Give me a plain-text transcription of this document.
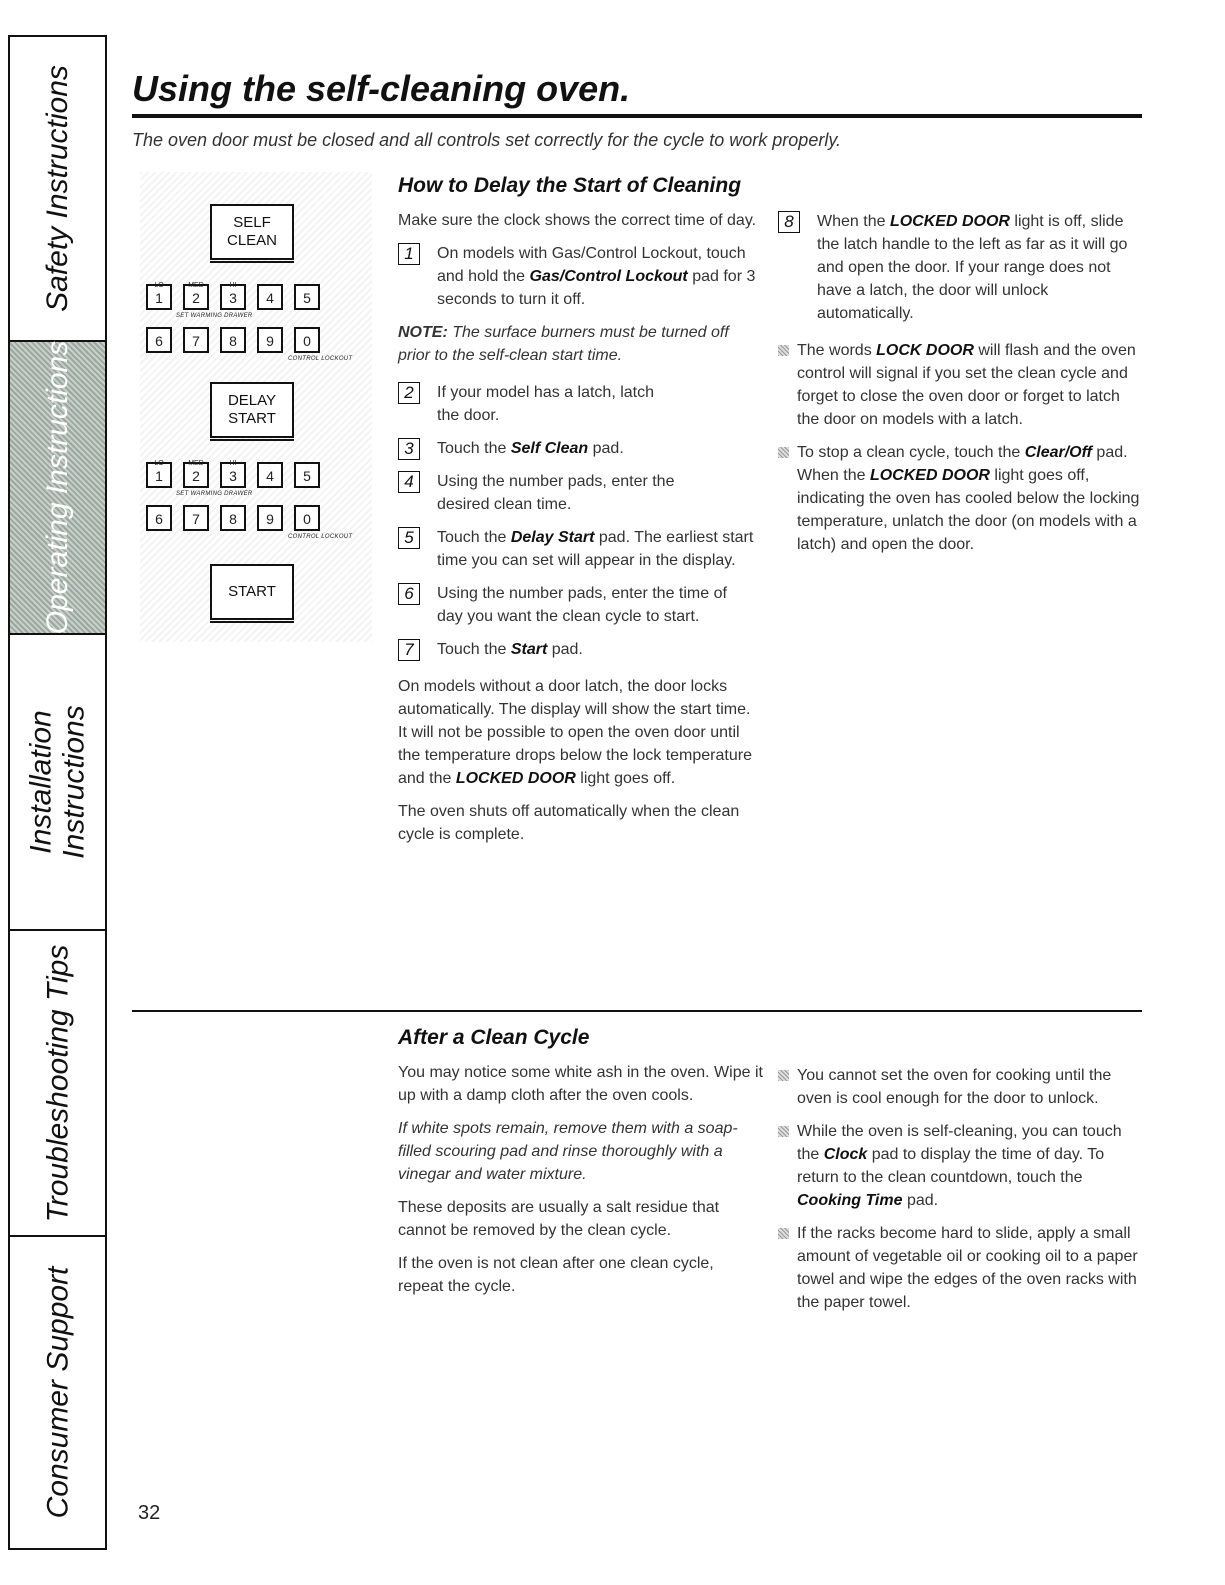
Safety Instructions
Operating Instructions
Installation Instructions
Troubleshooting Tips
Consumer Support
Using the self-cleaning oven.
The oven door must be closed and all controls set correctly for the cycle to work properly.
SELF
CLEAN
LO
1
MED
2
HI
3 4 5
SET WARMING DRAWER
6 7 8 9 0
CONTROL LOCKOUT
DELAY
START
LO
1
MED
2
HI
3 4 5
SET WARMING DRAWER
6 7 8 9 0
CONTROL LOCKOUT
START
How to Delay the Start of Cleaning

Make sure the clock shows the correct time of day.

1	On models with Gas/Control Lockout, touch and hold the Gas/Control Lockout pad for 3 seconds to turn it off.

NOTE: The surface burners must be turned off prior to the self-clean start time.

2	If your model has a latch, latch the door.
3	Touch the Self Clean pad.
4	Using the number pads, enter the desired clean time.
5	Touch the Delay Start pad. The earliest start time you can set will appear in the display.
6	Using the number pads, enter the time of day you want the clean cycle to start.
7	Touch the Start pad.

On models without a door latch, the door locks automatically. The display will show the start time. It will not be possible to open the oven door until the temperature drops below the lock temperature and the LOCKED DOOR light goes off.

The oven shuts off automatically when the clean cycle is complete.

8	When the LOCKED DOOR light is off, slide the latch handle to the left as far as it will go and open the door. If your range does not have a latch, the door will unlock automatically.
The words LOCK DOOR will flash and the oven control will signal if you set the clean cycle and forget to close the oven door or forget to latch the door on models with a latch.
To stop a clean cycle, touch the Clear/Off pad. When the LOCKED DOOR light goes off, indicating the oven has cooled below the locking temperature, unlatch the door (on models with a latch) and open the door.
After a Clean Cycle

You may notice some white ash in the oven. Wipe it up with a damp cloth after the oven cools.

If white spots remain, remove them with a soap-filled scouring pad and rinse thoroughly with a vinegar and water mixture.

These deposits are usually a salt residue that cannot be removed by the clean cycle.

If the oven is not clean after one clean cycle, repeat the cycle.

You cannot set the oven for cooking until the oven is cool enough for the door to unlock.
While the oven is self-cleaning, you can touch the Clock pad to display the time of day. To return to the clean countdown, touch the Cooking Time pad.
If the racks become hard to slide, apply a small amount of vegetable oil or cooking oil to a paper towel and wipe the edges of the oven racks with the paper towel.
32
